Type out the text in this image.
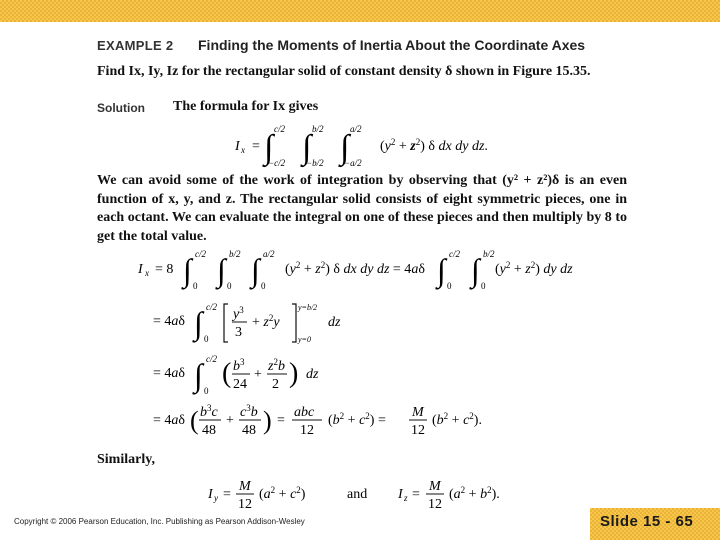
EXAMPLE 2 Finding the Moments of Inertia About the Coordinate Axes
Find Ix, Iy, Iz for the rectangular solid of constant density δ shown in Figure 15.35.
Solution The formula for Ix gives
I x = ∫ c/2
−c/2 ∫ b/2
−b/2 ∫ a/2
−a/2
$(y^2 + z^2)$ δ dx dy dz.
We can avoid some of the work of integration by observing that (y² + z²)δ is an even function of x, y, and z. The rectangular solid consists of eight symmetric pieces, one in each octant. We can evaluate the integral on one of these pieces and then multiply by 8 to get the total value.
I x = 8 ∫ c/2
0 ∫ b/2
0 ∫ a/2
0
$(y^2 + z^2)$ δ dx dy dz = 4aδ ∫ c/2
0 ∫ b/2
0
$(y^2 + z^2)$ dy dz
= 4aδ ∫ c/2
0
$y^3$
3
+ $z^2y$
y=b/2
y=0
dz
= 4aδ ∫ c/2
0
( $b^3$
24
+
$z^2b$
2 ) dz
= 4aδ ( $b^3c$
48
+
$c^3b$
48 ) =
abc
12
$(b^2 + c^2)$ =
M
12
$(b^2 + c^2)$.
Similarly,
I y =
M
12
$(a^2 + c^2)$	and I z =
M
12
$(a^2 + b^2)$.
Copyright © 2006 Pearson Education, Inc. Publishing as Pearson Addison-Wesley	Slide 15 - 65
